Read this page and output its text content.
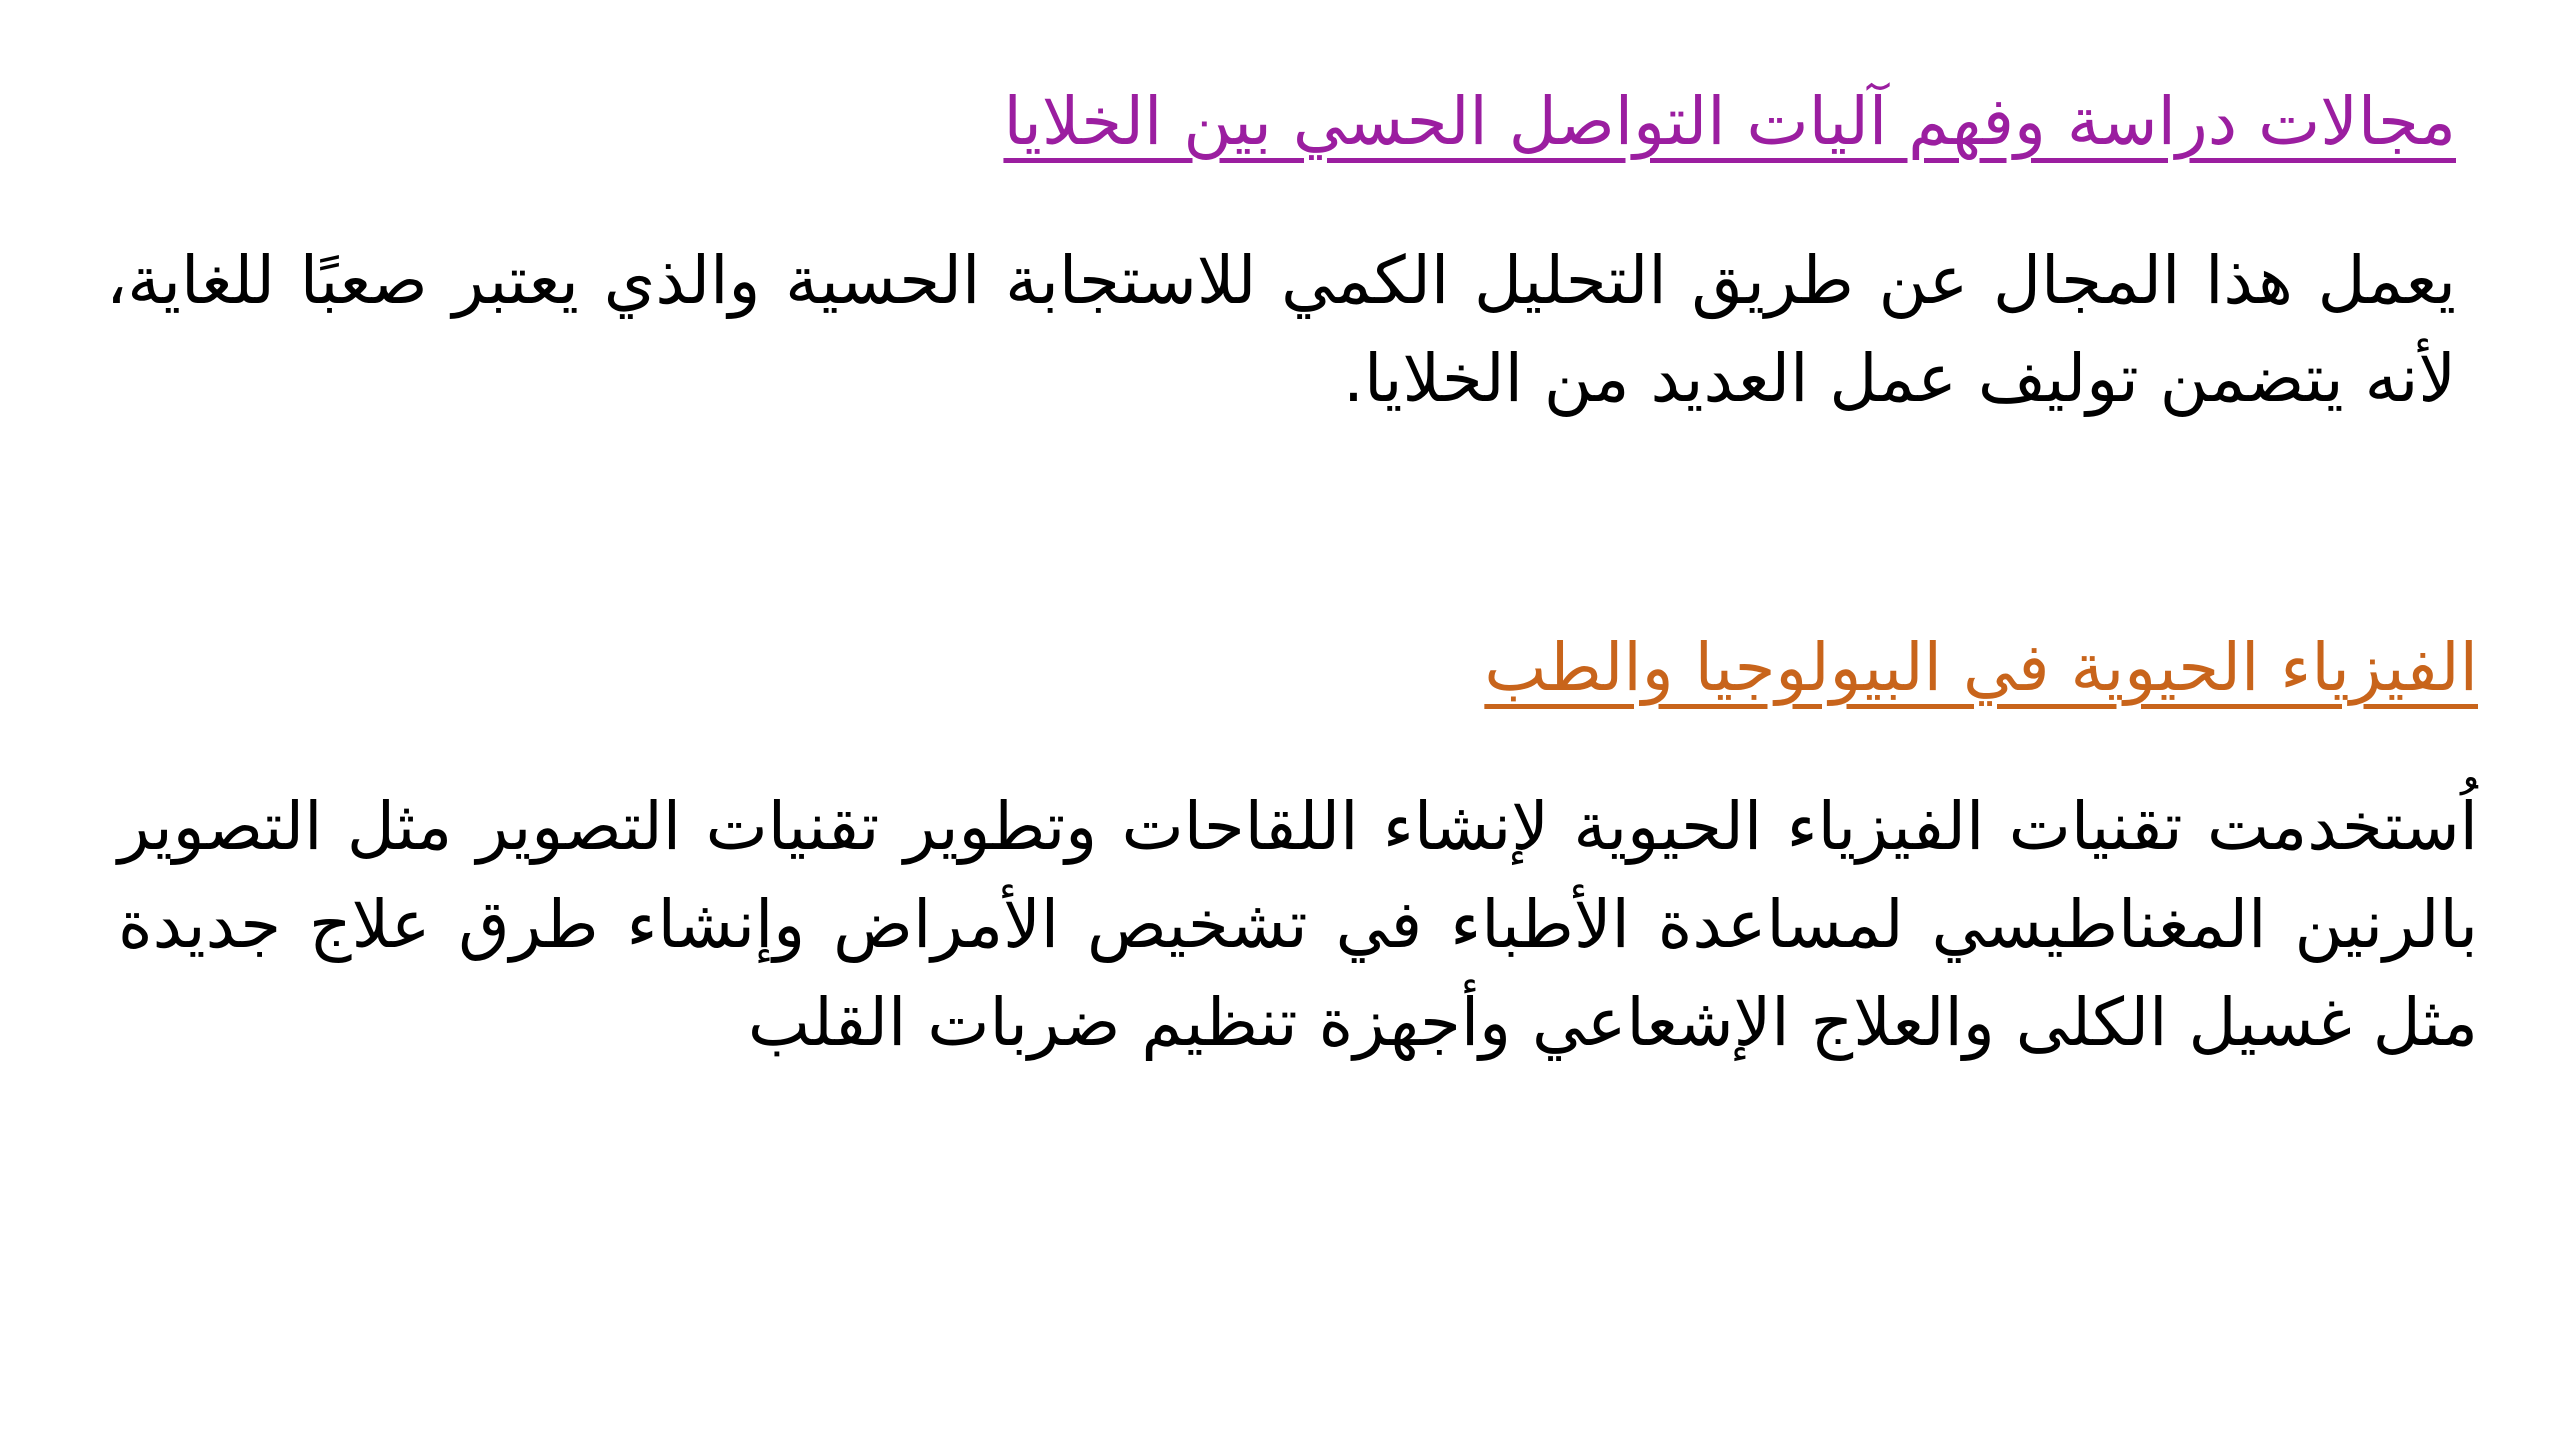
مجالات دراسة وفهم آليات التواصل الحسي بين الخلايا

يعمل هذا المجال عن طريق التحليل الكمي للاستجابة الحسية والذي يعتبر صعبًا للغاية، لأنه يتضمن توليف عمل العديد من الخلايا.

الفيزياء الحيوية في البيولوجيا والطب

اُستخدمت تقنيات الفيزياء الحيوية لإنشاء اللقاحات وتطوير تقنيات التصوير مثل التصوير بالرنين المغناطيسي لمساعدة الأطباء في تشخيص الأمراض وإنشاء طرق علاج جديدة مثل غسيل الكلى والعلاج الإشعاعي وأجهزة تنظيم ضربات القلب
